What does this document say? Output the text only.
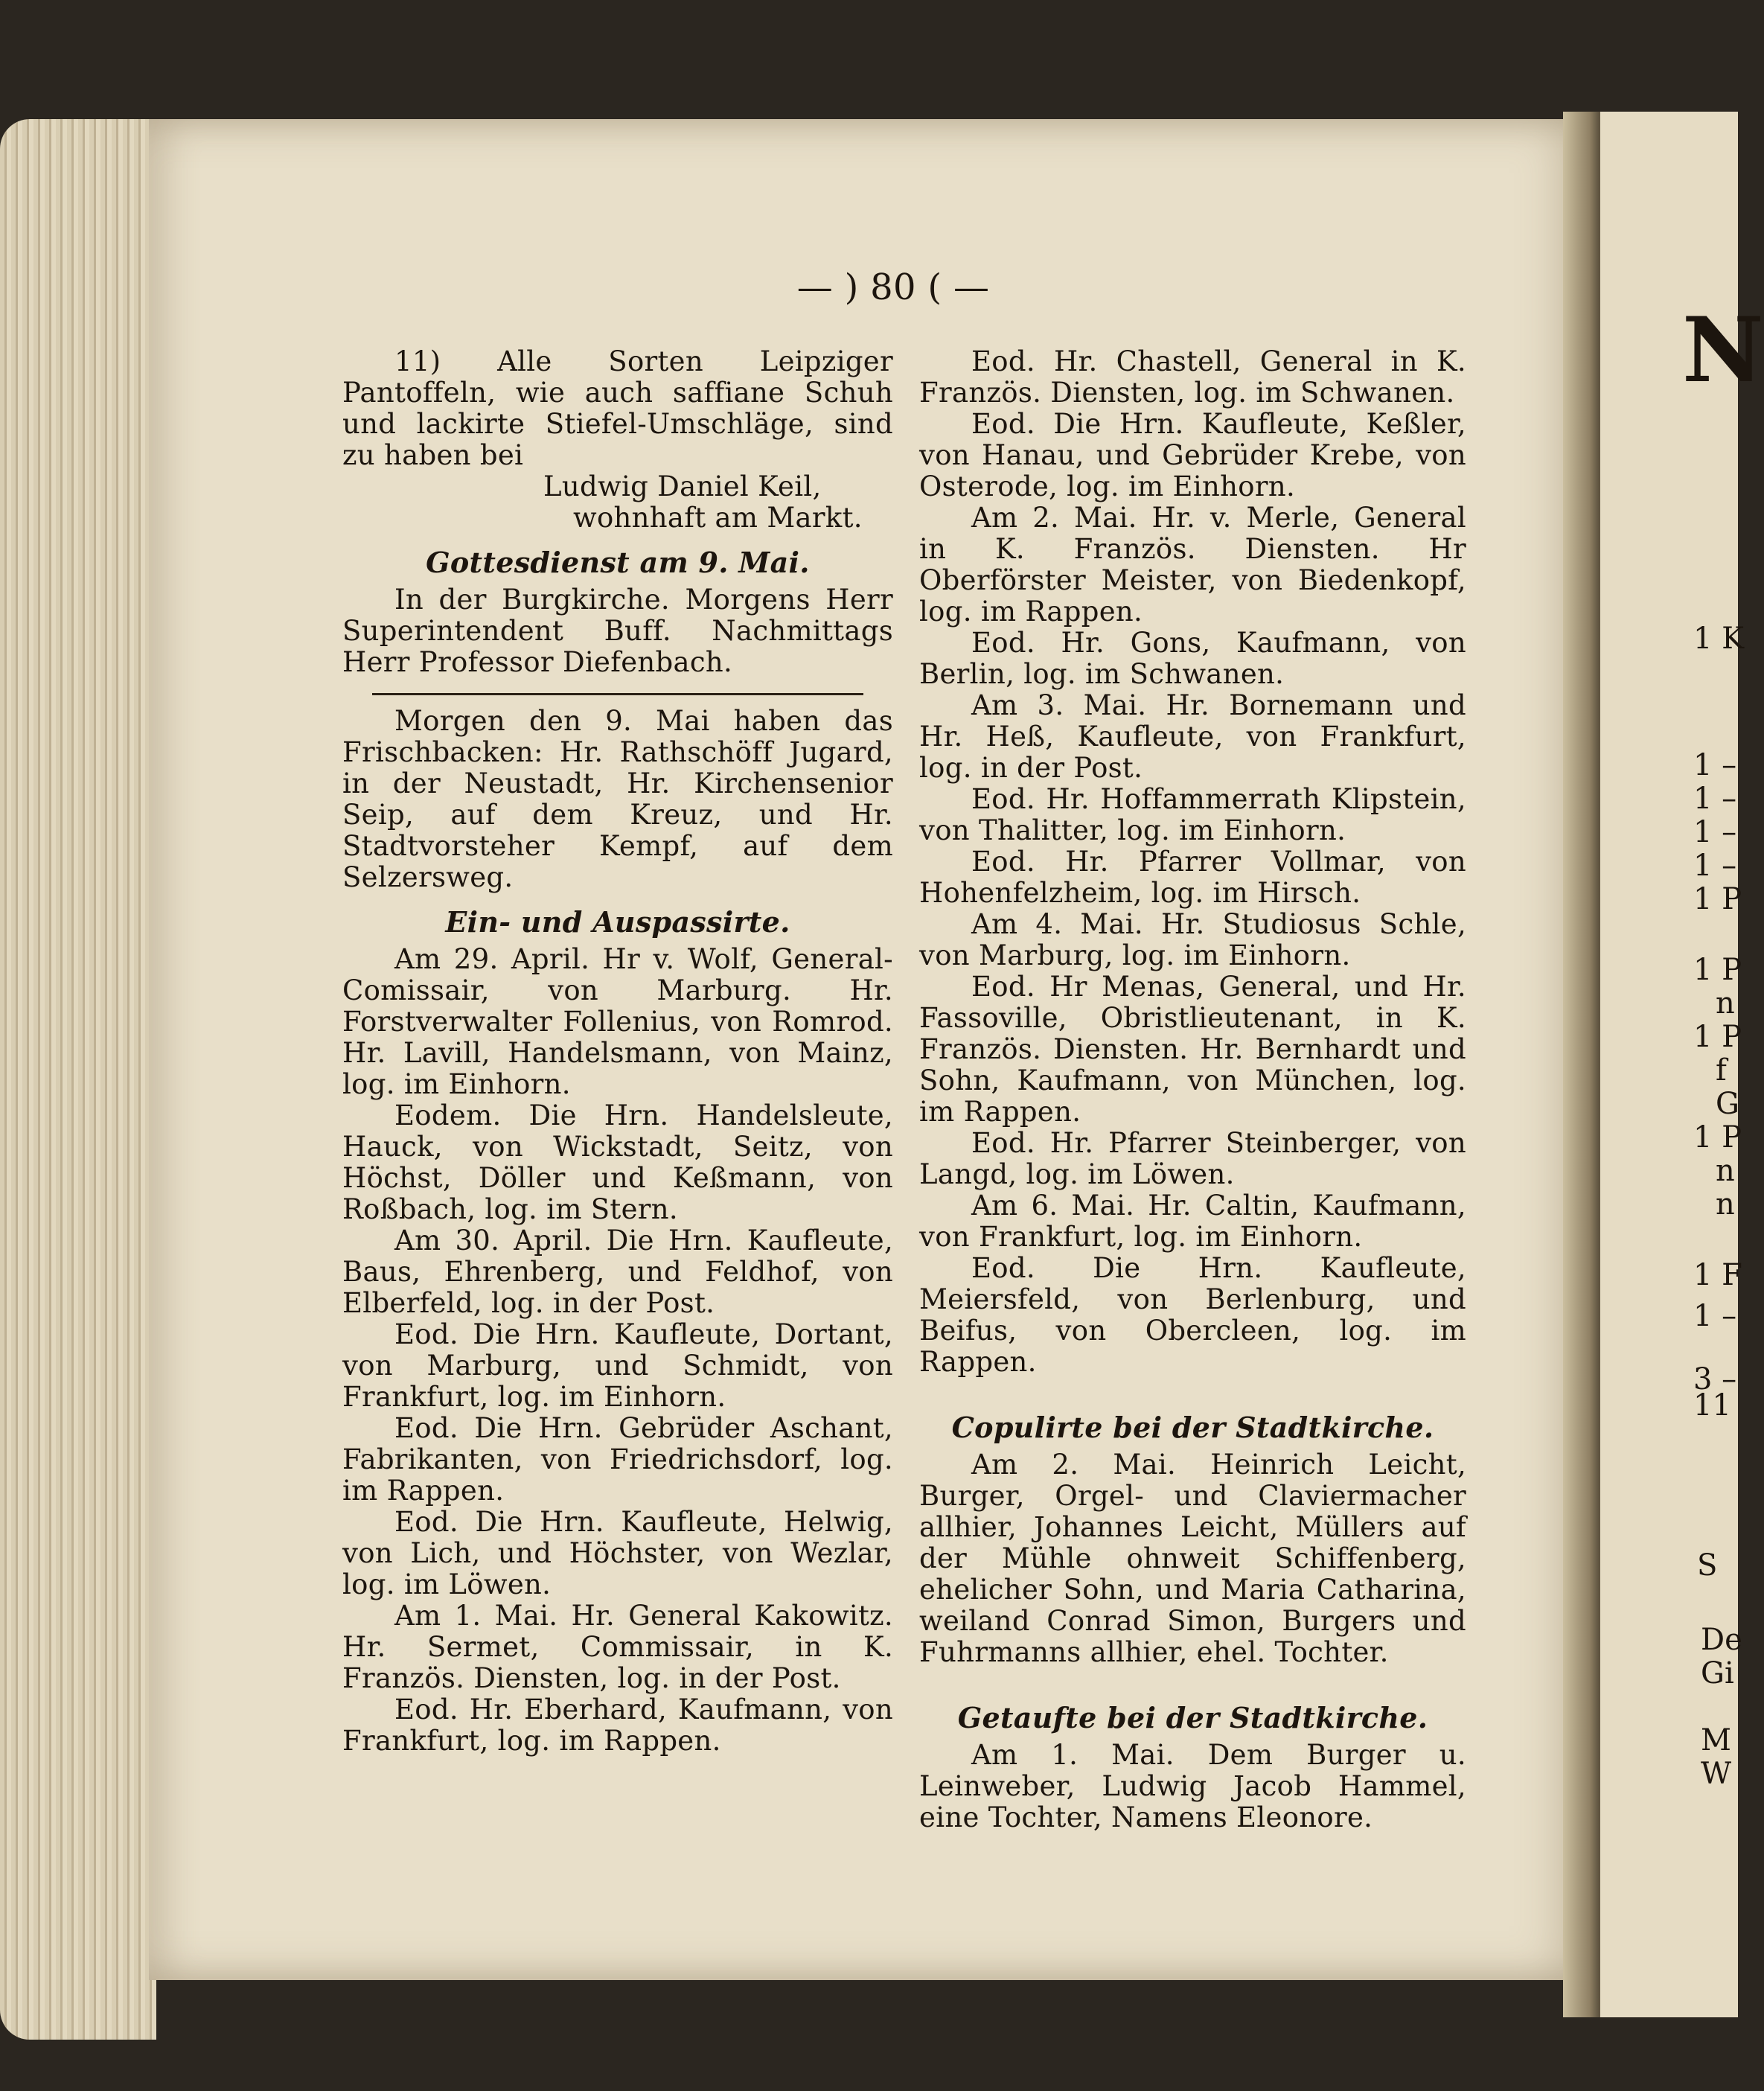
— ) 80 ( —

11) Alle Sorten Leipziger Pantoffeln, wie auch saffiane Schuh und lackirte Stiefel-Umschläge, sind zu haben bei

Ludwig Daniel Keil,

wohnhaft am Markt.

Gottesdienst am 9. Mai.

In der Burgkirche. Morgens Herr Superintendent Buff. Nachmittags Herr Professor Diefenbach.

Morgen den 9. Mai haben das Frischbacken: Hr. Rathschöff Jugard, in der Neustadt, Hr. Kirchensenior Seip, auf dem Kreuz, und Hr. Stadtvorsteher Kempf, auf dem Selzersweg.

Ein- und Auspassirte.

Am 29. April. Hr v. Wolf, General-Comissair, von Marburg. Hr. Forstverwalter Follenius, von Romrod. Hr. Lavill, Handelsmann, von Mainz, log. im Einhorn.

Eodem. Die Hrn. Handelsleute, Hauck, von Wickstadt, Seitz, von Höchst, Döller und Keßmann, von Roßbach, log. im Stern.

Am 30. April. Die Hrn. Kaufleute, Baus, Ehrenberg, und Feldhof, von Elberfeld, log. in der Post.

Eod. Die Hrn. Kaufleute, Dortant, von Marburg, und Schmidt, von Frankfurt, log. im Einhorn.

Eod. Die Hrn. Gebrüder Aschant, Fabrikanten, von Friedrichsdorf, log. im Rappen.

Eod. Die Hrn. Kaufleute, Helwig, von Lich, und Höchster, von Wezlar, log. im Löwen.

Am 1. Mai. Hr. General Kakowitz. Hr. Sermet, Commissair, in K. Französ. Diensten, log. in der Post.

Eod. Hr. Eberhard, Kaufmann, von Frankfurt, log. im Rappen.

Eod. Hr. Chastell, General in K. Französ. Diensten, log. im Schwanen.

Eod. Die Hrn. Kaufleute, Keßler, von Hanau, und Gebrüder Krebe, von Osterode, log. im Einhorn.

Am 2. Mai. Hr. v. Merle, General in K. Französ. Diensten. Hr Oberförster Meister, von Biedenkopf, log. im Rappen.

Eod. Hr. Gons, Kaufmann, von Berlin, log. im Schwanen.

Am 3. Mai. Hr. Bornemann und Hr. Heß, Kaufleute, von Frankfurt, log. in der Post.

Eod. Hr. Hoffammerrath Klipstein, von Thalitter, log. im Einhorn.

Eod. Hr. Pfarrer Vollmar, von Hohenfelzheim, log. im Hirsch.

Am 4. Mai. Hr. Studiosus Schle, von Marburg, log. im Einhorn.

Eod. Hr Menas, General, und Hr. Fassoville, Obristlieutenant, in K. Französ. Diensten. Hr. Bernhardt und Sohn, Kaufmann, von München, log. im Rappen.

Eod. Hr. Pfarrer Steinberger, von Langd, log. im Löwen.

Am 6. Mai. Hr. Caltin, Kaufmann, von Frankfurt, log. im Einhorn.

Eod. Die Hrn. Kaufleute, Meiersfeld, von Berlenburg, und Beifus, von Obercleen, log. im Rappen.

Copulirte bei der Stadtkirche.

Am 2. Mai. Heinrich Leicht, Burger, Orgel- und Claviermacher allhier, Johannes Leicht, Müllers auf der Mühle ohnweit Schiffenberg, ehelicher Sohn, und Maria Catharina, weiland Conrad Simon, Burgers und Fuhrmanns allhier, ehel. Tochter.

Getaufte bei der Stadtkirche.

Am 1. Mai. Dem Burger u. Leinweber, Ludwig Jacob Hammel, eine Tochter, Namens Eleonore.

N
1 K
1 –
1 –
1 –
1 –
1 P
1 P
n
1 P
f
G
1 P
n
n
1 F
1 –
3 –
11
S
De
Gi
M
W
